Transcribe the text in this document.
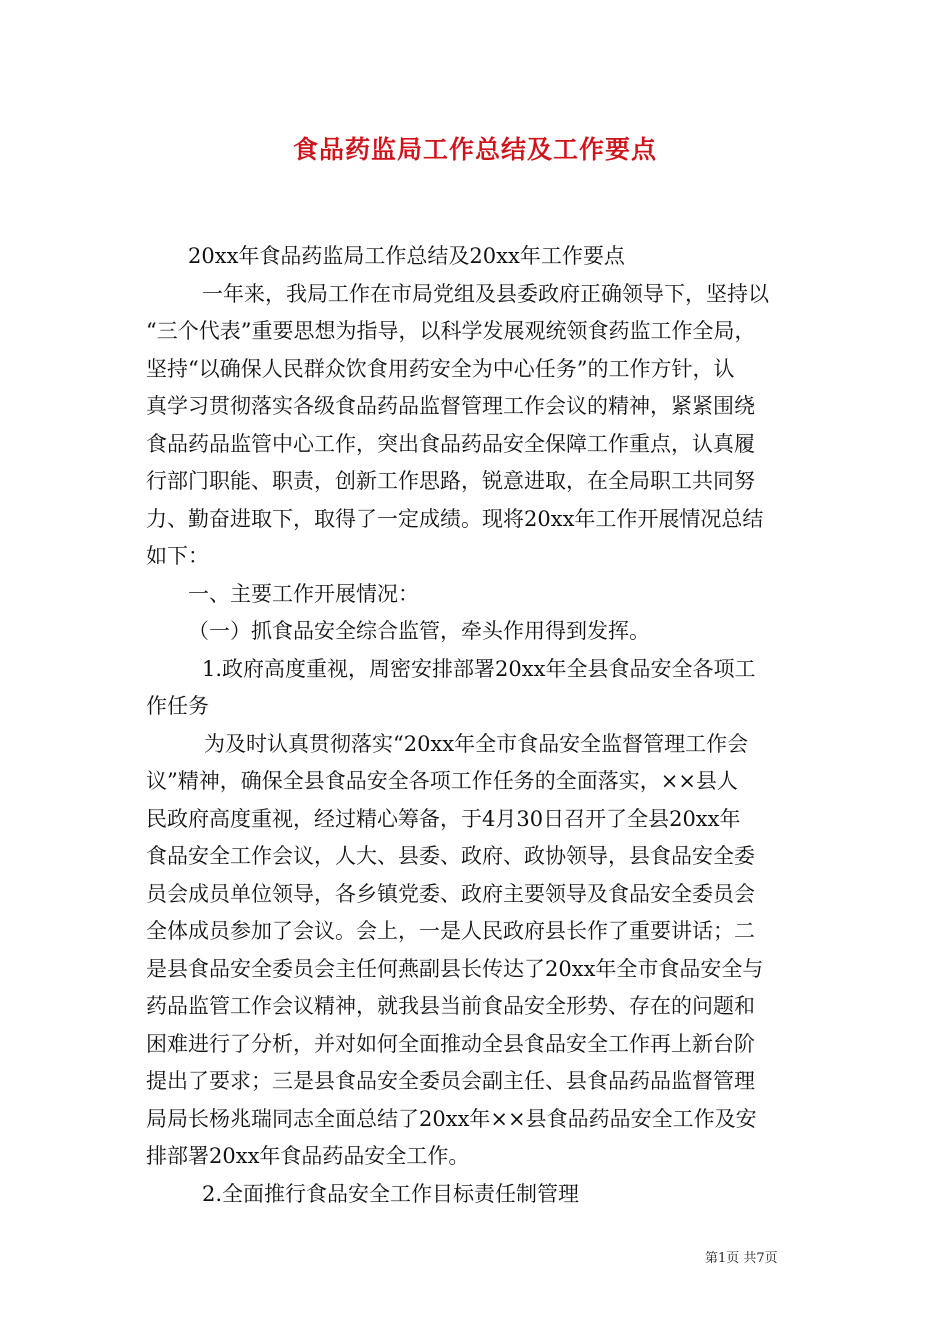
食品药监局工作总结及工作要点

20xx年食品药监局工作总结及20xx年工作要点

一年来，我局工作在市局党组及县委政府正确领导下，坚持以

“三个代表”重要思想为指导，以科学发展观统领食药监工作全局，

坚持“以确保人民群众饮食用药安全为中心任务”的工作方针，认

真学习贯彻落实各级食品药品监督管理工作会议的精神，紧紧围绕

食品药品监管中心工作，突出食品药品安全保障工作重点，认真履

行部门职能、职责，创新工作思路，锐意进取，在全局职工共同努

力、勤奋进取下，取得了一定成绩。现将20xx年工作开展情况总结

如下：

一、主要工作开展情况：

（一）抓食品安全综合监管，牵头作用得到发挥。

1.政府高度重视，周密安排部署20xx年全县食品安全各项工

作任务

为及时认真贯彻落实“20xx年全市食品安全监督管理工作会

议”精神，确保全县食品安全各项工作任务的全面落实，××县人

民政府高度重视，经过精心筹备，于4月30日召开了全县20xx年

食品安全工作会议，人大、县委、政府、政协领导，县食品安全委

员会成员单位领导，各乡镇党委、政府主要领导及食品安全委员会

全体成员参加了会议。会上，一是人民政府县长作了重要讲话；二

是县食品安全委员会主任何燕副县长传达了20xx年全市食品安全与

药品监管工作会议精神，就我县当前食品安全形势、存在的问题和

困难进行了分析，并对如何全面推动全县食品安全工作再上新台阶

提出了要求；三是县食品安全委员会副主任、县食品药品监督管理

局局长杨兆瑞同志全面总结了20xx年××县食品药品安全工作及安

排部署20xx年食品药品安全工作。

2.全面推行食品安全工作目标责任制管理

第1页 共7页
